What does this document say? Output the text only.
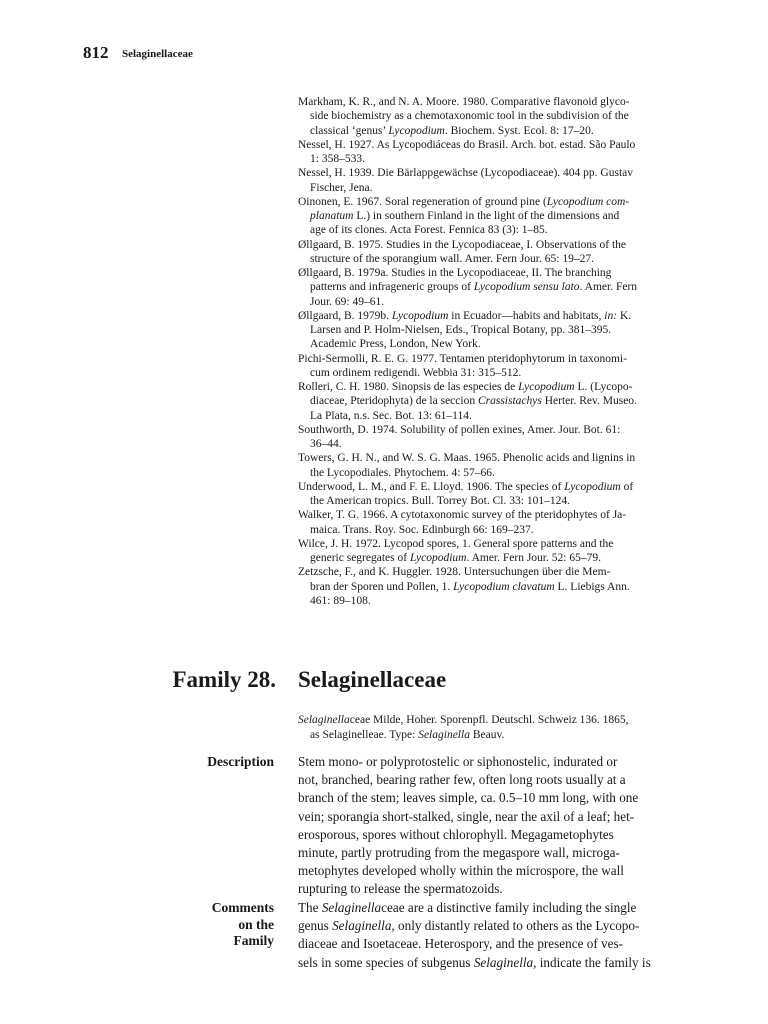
812 Selaginellaceae
Markham, K. R., and N. A. Moore. 1980. Comparative flavonoid glyco-
side biochemistry as a chemotaxonomic tool in the subdivision of the
classical ‘genus’ Lycopodium. Biochem. Syst. Ecol. 8: 17–20.
Nessel, H. 1927. As Lycopodiáceas do Brasil. Arch. bot. estad. São Paulo
1: 358–533.
Nessel, H. 1939. Die Bärlappgewächse (Lycopodiaceae). 404 pp. Gustav
Fischer, Jena.
Oinonen, E. 1967. Soral regeneration of ground pine (Lycopodium com-
planatum L.) in southern Finland in the light of the dimensions and
age of its clones. Acta Forest. Fennica 83 (3): 1–85.
Øllgaard, B. 1975. Studies in the Lycopodiaceae, I. Observations of the
structure of the sporangium wall. Amer. Fern Jour. 65: 19–27.
Øllgaard, B. 1979a. Studies in the Lycopodiaceae, II. The branching
patterns and infrageneric groups of Lycopodium sensu lato. Amer. Fern
Jour. 69: 49–61.
Øllgaard, B. 1979b. Lycopodium in Ecuador—habits and habitats, in: K.
Larsen and P. Holm-Nielsen, Eds., Tropical Botany, pp. 381–395.
Academic Press, London, New York.
Pichi-Sermolli, R. E. G. 1977. Tentamen pteridophytorum in taxonomi-
cum ordinem redigendi. Webbia 31: 315–512.
Rolleri, C. H. 1980. Sinopsis de las especies de Lycopodium L. (Lycopo-
diaceae, Pteridophyta) de la seccion Crassistachys Herter. Rev. Museo.
La Plata, n.s. Sec. Bot. 13: 61–114.
Southworth, D. 1974. Solubility of pollen exines, Amer. Jour. Bot. 61:
36–44.
Towers, G. H. N., and W. S. G. Maas. 1965. Phenolic acids and lignins in
the Lycopodiales. Phytochem. 4: 57–66.
Underwood, L. M., and F. E. Lloyd. 1906. The species of Lycopodium of
the American tropics. Bull. Torrey Bot. Cl. 33: 101–124.
Walker, T. G. 1966. A cytotaxonomic survey of the pteridophytes of Ja-
maica. Trans. Roy. Soc. Edinburgh 66: 169–237.
Wilce, J. H. 1972. Lycopod spores, 1. General spore patterns and the
generic segregates of Lycopodium. Amer. Fern Jour. 52: 65–79.
Zetzsche, F., and K. Huggler. 1928. Untersuchungen über die Mem-
bran der Sporen und Pollen, 1. Lycopodium clavatum L. Liebigs Ann.
461: 89–108.
Family 28. Selaginellaceae
Selaginellaceae Milde, Hoher. Sporenpfl. Deutschl. Schweiz 136. 1865,
as Selaginelleae. Type: Selaginella Beauv.
Description Stem mono- or polyprotostelic or siphonostelic, indurated or
not, branched, bearing rather few, often long roots usually at a
branch of the stem; leaves simple, ca. 0.5–10 mm long, with one
vein; sporangia short-stalked, single, near the axil of a leaf; het-
erosporous, spores without chlorophyll. Megagametophytes
minute, partly protruding from the megaspore wall, microga-
metophytes developed wholly within the microspore, the wall
rupturing to release the spermatozoids.
Comments
on the
Family
The Selaginellaceae are a distinctive family including the single
genus Selaginella, only distantly related to others as the Lycopo-
diaceae and Isoetaceae. Heterospory, and the presence of ves-
sels in some species of subgenus Selaginella, indicate the family is
